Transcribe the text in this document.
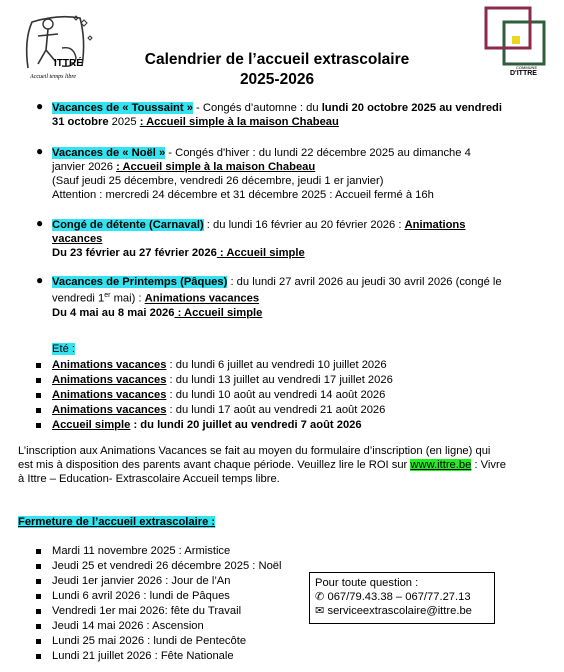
ITTRÉ
Accueil temps libre
COMMUNE
D'ITTRE
Calendrier de l’accueil extrascolaire
2025-2026
● Vacances de « Toussaint » - Congés d’automne : du lundi 20 octobre 2025 au vendredi
31 octobre 2025 : Accueil simple à la maison Chabeau
● Vacances de « Noël » - Congés d'hiver : du lundi 22 décembre 2025 au dimanche 4
janvier 2026 : Accueil simple à la maison Chabeau
(Sauf jeudi 25 décembre, vendredi 26 décembre, jeudi 1 er janvier)
Attention : mercredi 24 décembre et 31 décembre 2025 : Accueil fermé à 16h
● Congé de détente (Carnaval) : du lundi 16 février au 20 février 2026 : Animations
vacances
Du 23 février au 27 février 2026 : Accueil simple
● Vacances de Printemps (Pâques) : du lundi 27 avril 2026 au jeudi 30 avril 2026 (congé le
vendredi 1er mai) : Animations vacances
Du 4 mai au 8 mai 2026 : Accueil simple
Eté :
Animations vacances : du lundi 6 juillet au vendredi 10 juillet 2026
Animations vacances : du lundi 13 juillet au vendredi 17 juillet 2026
Animations vacances : du lundi 10 août au vendredi 14 août 2026
Animations vacances : du lundi 17 août au vendredi 21 août 2026
Accueil simple : du lundi 20 juillet au vendredi 7 août 2026
L’inscription aux Animations Vacances se fait au moyen du formulaire d’inscription (en ligne) qui
est mis à disposition des parents avant chaque période. Veuillez lire le ROI sur www.ittre.be : Vivre
à Ittre – Education- Extrascolaire Accueil temps libre.
Fermeture de l’accueil extrascolaire :
Mardi 11 novembre 2025 : Armistice
Jeudi 25 et vendredi 26 décembre 2025 : Noël
Jeudi 1er janvier 2026 : Jour de l’An
Lundi 6 avril 2026 : lundi de Pâques
Vendredi 1er mai 2026: fête du Travail
Jeudi 14 mai 2026 : Ascension
Lundi 25 mai 2026 : lundi de Pentecôte
Lundi 21 juillet 2026 : Fête Nationale
Pour toute question :
✆ 067/79.43.38 – 067/77.27.13
✉ serviceextrascolaire@ittre.be
